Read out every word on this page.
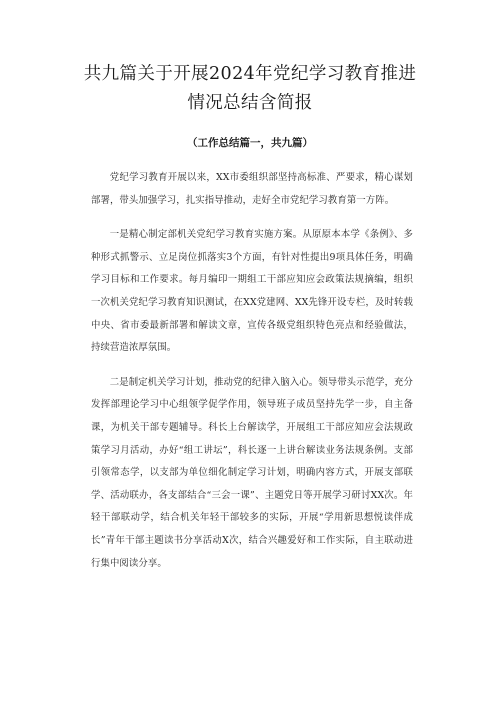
共九篇关于开展2024年党纪学习教育推进
情况总结含简报

（工作总结篇一，共九篇）

党纪学习教育开展以来，XX市委组织部坚持高标准、严要求，精心谋划部署，带头加强学习，扎实指导推动，走好全市党纪学习教育第一方阵。

一是精心制定部机关党纪学习教育实施方案。从原原本本学《条例》、多种形式抓警示、立足岗位抓落实3个方面，有针对性提出9项具体任务，明确学习目标和工作要求。每月编印一期组工干部应知应会政策法规摘编，组织一次机关党纪学习教育知识测试，在XX党建网、XX先锋开设专栏，及时转载中央、省市委最新部署和解读文章，宣传各级党组织特色亮点和经验做法，持续营造浓厚氛围。

二是制定机关学习计划，推动党的纪律入脑入心。领导带头示范学，充分发挥部理论学习中心组领学促学作用，领导班子成员坚持先学一步，自主备课，为机关干部专题辅导。科长上台解读学，开展组工干部应知应会法规政策学习月活动，办好“组工讲坛”，科长逐一上讲台解读业务法规条例。支部引领常态学，以支部为单位细化制定学习计划，明确内容方式，开展支部联学、活动联办，各支部结合“三会一课”、主题党日等开展学习研讨XX次。年轻干部联动学，结合机关年轻干部较多的实际，开展“学用新思想悦读伴成长”青年干部主题读书分享活动X次，结合兴趣爱好和工作实际，自主联动进行集中阅读分享。
